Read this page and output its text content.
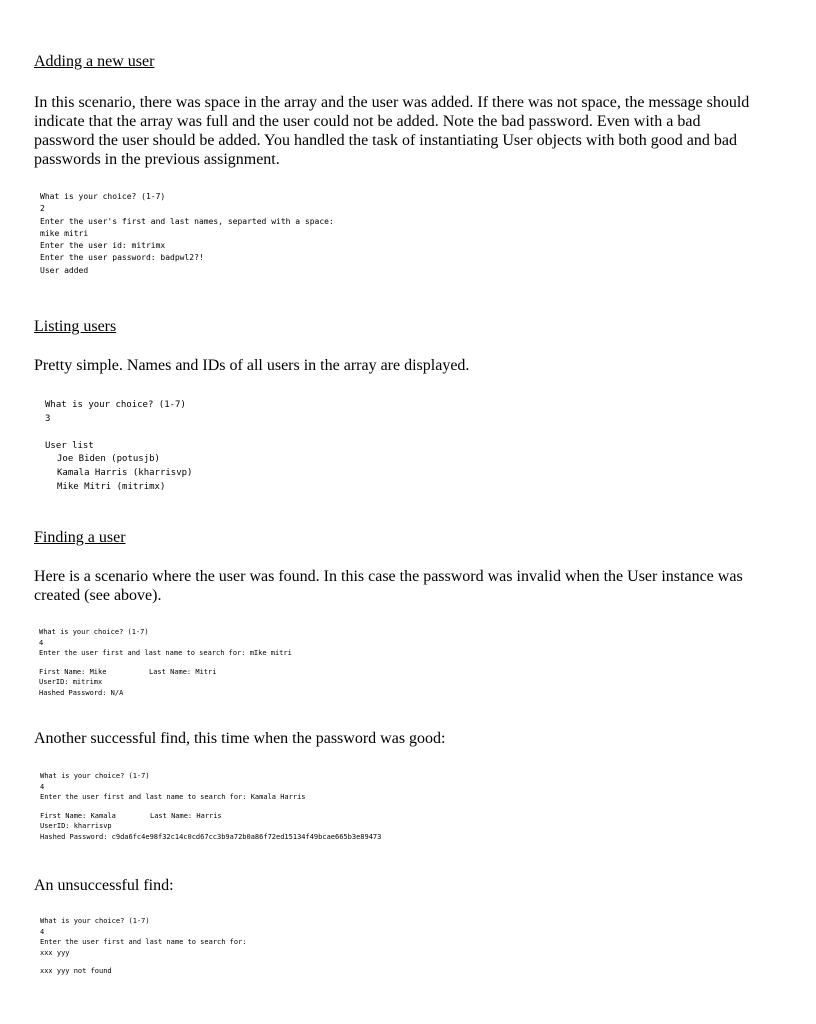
Adding a new user
In this scenario, there was space in the array and the user was added. If there was not space, the message should indicate that the array was full and the user could not be added. Note the bad password. Even with a bad password the user should be added. You handled the task of instantiating User objects with both good and bad passwords in the previous assignment.
What is your choice? (1-7)
2
Enter the user's first and last names, separted with a space:
mike mitri
Enter the user id: mitrimx
Enter the user password: badpwl2?!
User added
Listing users
Pretty simple. Names and IDs of all users in the array are displayed.
What is your choice? (1-7)
3
User list
Joe Biden (potusjb)
Kamala Harris (kharrisvp)
Mike Mitri (mitrimx)
Finding a user
Here is a scenario where the user was found. In this case the password was invalid when the User instance was created (see above).
What is your choice? (1-7)
4
Enter the user first and last name to search for: mIke mitri
First Name: Mike	Last Name: Mitri
UserID: mitrimx
Hashed Password: N/A
Another successful find, this time when the password was good:
What is your choice? (1-7)
4
Enter the user first and last name to search for: Kamala Harris
First Name: Kamala	Last Name: Harris
UserID: kharrisvp
Hashed Password: c9da6fc4e98f32c14c0cd67cc3b9a72b0a86f72ed15134f49bcae665b3e89473
An unsuccessful find:
What is your choice? (1-7)
4
Enter the user first and last name to search for:
xxx yyy
xxx yyy not found
